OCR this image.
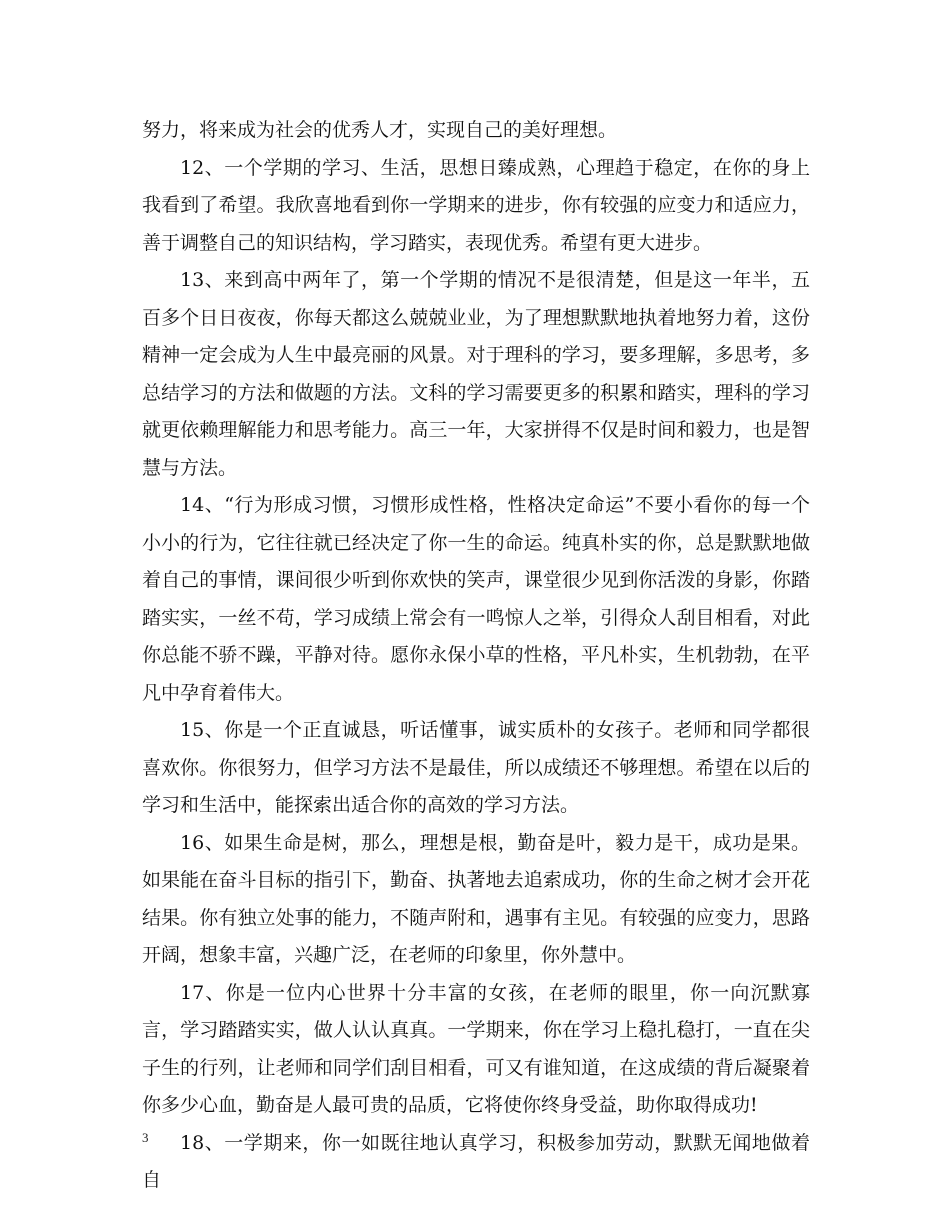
努力，将来成为社会的优秀人才，实现自己的美好理想。

12、一个学期的学习、生活，思想日臻成熟，心理趋于稳定，在你的身上我看到了希望。我欣喜地看到你一学期来的进步，你有较强的应变力和适应力，善于调整自己的知识结构，学习踏实，表现优秀。希望有更大进步。

13、来到高中两年了，第一个学期的情况不是很清楚，但是这一年半，五百多个日日夜夜，你每天都这么兢兢业业，为了理想默默地执着地努力着，这份精神一定会成为人生中最亮丽的风景。对于理科的学习，要多理解，多思考，多总结学习的方法和做题的方法。文科的学习需要更多的积累和踏实，理科的学习就更依赖理解能力和思考能力。高三一年，大家拼得不仅是时间和毅力，也是智慧与方法。

14、“行为形成习惯，习惯形成性格，性格决定命运”不要小看你的每一个小小的行为，它往往就已经决定了你一生的命运。纯真朴实的你，总是默默地做着自己的事情，课间很少听到你欢快的笑声，课堂很少见到你活泼的身影，你踏踏实实，一丝不苟，学习成绩上常会有一鸣惊人之举，引得众人刮目相看，对此你总能不骄不躁，平静对待。愿你永保小草的性格，平凡朴实，生机勃勃，在平凡中孕育着伟大。

15、你是一个正直诚恳，听话懂事，诚实质朴的女孩子。老师和同学都很喜欢你。你很努力，但学习方法不是最佳，所以成绩还不够理想。希望在以后的学习和生活中，能探索出适合你的高效的学习方法。

16、如果生命是树，那么，理想是根，勤奋是叶，毅力是干，成功是果。如果能在奋斗目标的指引下，勤奋、执著地去追索成功，你的生命之树才会开花结果。你有独立处事的能力，不随声附和，遇事有主见。有较强的应变力，思路开阔，想象丰富，兴趣广泛，在老师的印象里，你外慧中。

17、你是一位内心世界十分丰富的女孩，在老师的眼里，你一向沉默寡言，学习踏踏实实，做人认认真真。一学期来，你在学习上稳扎稳打，一直在尖子生的行列，让老师和同学们刮目相看，可又有谁知道，在这成绩的背后凝聚着你多少心血，勤奋是人最可贵的品质，它将使你终身受益，助你取得成功!

18、一学期来，你一如既往地认真学习，积极参加劳动，默默无闻地做着自

3
